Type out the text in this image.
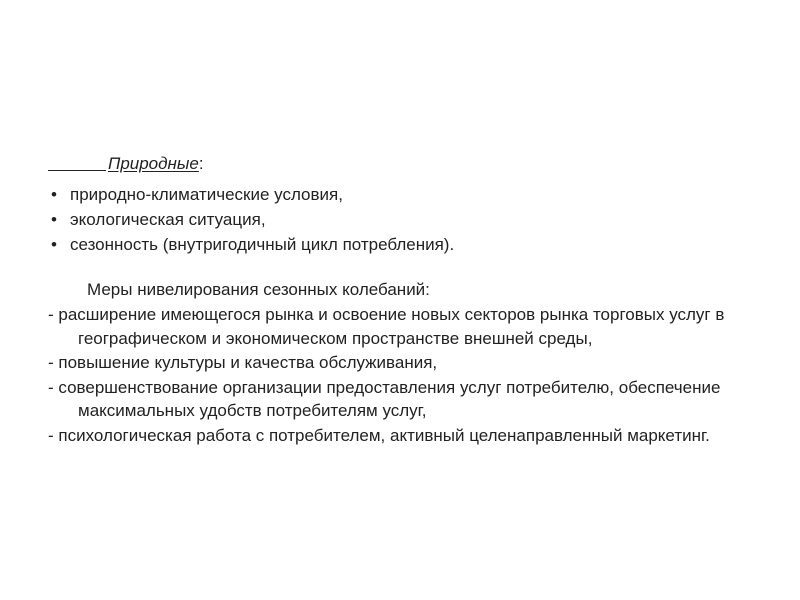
Природные :
• природно-климатические условия,
• экологическая ситуация,
• сезонность (внутригодичный цикл потребления).
Меры нивелирования сезонных колебаний:
- расширение имеющегося рынка и освоение новых секторов рынка торговых услуг в географическом и экономическом пространстве внешней среды,
- повышение культуры и качества обслуживания,
- совершенствование организации предоставления услуг потребителю, обеспечение максимальных удобств потребителям услуг,
- психологическая работа с потребителем, активный целенаправленный маркетинг.
